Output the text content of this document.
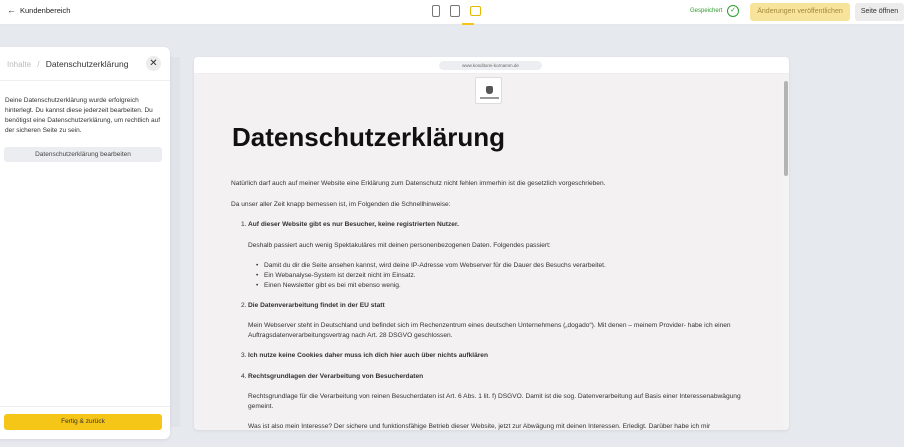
← Kundenbereich	Gespeichert	✓	Änderungen veröffentlichen	Seite öffnen
Inhalte / Datenschutzerklärung	✕
Deine Datenschutzerklärung wurde erfolgreich hinterlegt. Du kannst diese jederzeit bearbeiten. Du benötigst eine Datenschutzerklärung, um rechtlich auf der sicheren Seite zu sein.
Datenschutzerklärung bearbeiten
Fertig & zurück
www.konditorei-kornamm.de
Datenschutzerklärung

Natürlich darf auch auf meiner Website eine Erklärung zum Datenschutz nicht fehlen immerhin ist die gesetzlich vorgeschrieben.

Da unser aller Zeit knapp bemessen ist, im Folgenden die Schnellhinweise:

1. Auf dieser Website gibt es nur Besucher, keine registrierten Nutzer.
Deshalb passiert auch wenig Spektakuläres mit deinen personenbezogenen Daten. Folgendes passiert:
• Damit du dir die Seite ansehen kannst, wird deine IP-Adresse vom Webserver für die Dauer des Besuchs verarbeitet.
• Ein Webanalyse-System ist derzeit nicht im Einsatz.
• Einen Newsletter gibt es bei mit ebenso wenig.
2. Die Datenverarbeitung findet in der EU statt
Mein Webserver steht in Deutschland und befindet sich im Rechenzentrum eines deutschen Unternehmens („dogado“). Mit denen – meinem Provider- habe ich einen Auftragsdatenverarbeitungsvertrag nach Art. 28 DSGVO geschlossen.
3. Ich nutze keine Cookies daher muss ich dich hier auch über nichts aufklären
4. Rechtsgrundlagen der Verarbeitung von Besucherdaten
Rechtsgrundlage für die Verarbeitung von reinen Besucherdaten ist Art. 6 Abs. 1 lit. f) DSGVO. Damit ist die sog. Datenverarbeitung auf Basis einer Interessenabwägung gemeint.
Was ist also mein Interesse? Der sichere und funktionsfähige Betrieb dieser Website, jetzt zur Abwägung mit deinen Interessen. Erledigt. Darüber habe ich mir
